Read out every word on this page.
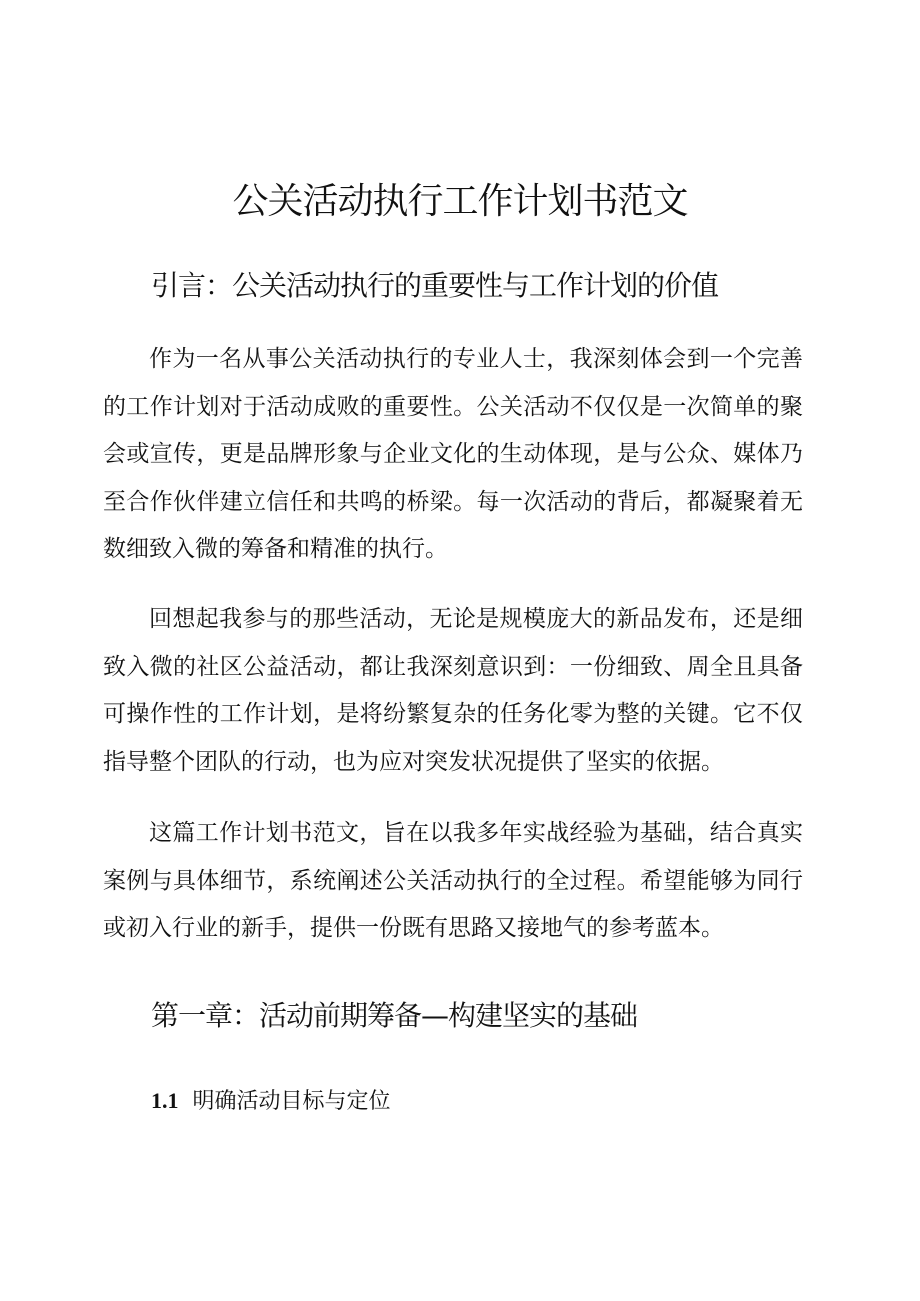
公关活动执行工作计划书范文
引言：公关活动执行的重要性与工作计划的价值

作为一名从事公关活动执行的专业人士，我深刻体会到一个完善的工作计划对于活动成败的重要性。公关活动不仅仅是一次简单的聚会或宣传，更是品牌形象与企业文化的生动体现，是与公众、媒体乃至合作伙伴建立信任和共鸣的桥梁。每一次活动的背后，都凝聚着无数细致入微的筹备和精准的执行。

回想起我参与的那些活动，无论是规模庞大的新品发布，还是细致入微的社区公益活动，都让我深刻意识到：一份细致、周全且具备可操作性的工作计划，是将纷繁复杂的任务化零为整的关键。它不仅指导整个团队的行动，也为应对突发状况提供了坚实的依据。

这篇工作计划书范文，旨在以我多年实战经验为基础，结合真实案例与具体细节，系统阐述公关活动执行的全过程。希望能够为同行或初入行业的新手，提供一份既有思路又接地气的参考蓝本。

第一章：活动前期筹备—构建坚实的基础
1.1 明确活动目标与定位
